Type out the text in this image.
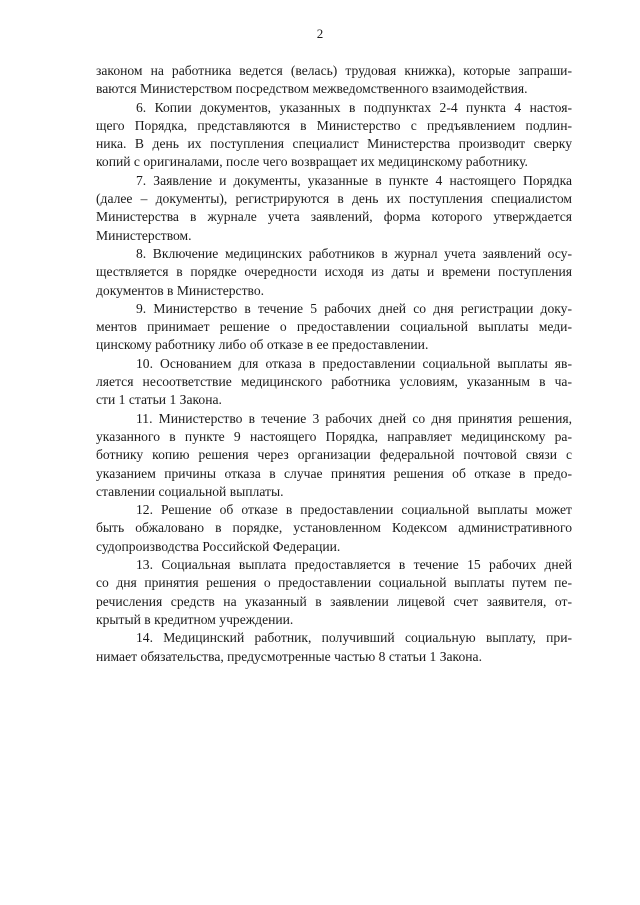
2

законом на работника ведется (велась) трудовая книжка), которые запраши-
ваются Министерством посредством межведомственного взаимодействия.

6. Копии документов, указанных в подпунктах 2-4 пункта 4 настоя-
щего Порядка, представляются в Министерство с предъявлением подлин-
ника. В день их поступления специалист Министерства производит сверку
копий с оригиналами, после чего возвращает их медицинскому работнику.

7. Заявление и документы, указанные в пункте 4 настоящего Порядка
(далее – документы), регистрируются в день их поступления специалистом
Министерства в журнале учета заявлений, форма которого утверждается
Министерством.

8. Включение медицинских работников в журнал учета заявлений осу-
ществляется в порядке очередности исходя из даты и времени поступления
документов в Министерство.

9. Министерство в течение 5 рабочих дней со дня регистрации доку-
ментов принимает решение о предоставлении социальной выплаты меди-
цинскому работнику либо об отказе в ее предоставлении.

10. Основанием для отказа в предоставлении социальной выплаты яв-
ляется несоответствие медицинского работника условиям, указанным в ча-
сти 1 статьи 1 Закона.

11. Министерство в течение 3 рабочих дней со дня принятия решения,
указанного в пункте 9 настоящего Порядка, направляет медицинскому ра-
ботнику копию решения через организации федеральной почтовой связи с
указанием причины отказа в случае принятия решения об отказе в предо-
ставлении социальной выплаты.

12. Решение об отказе в предоставлении социальной выплаты может
быть обжаловано в порядке, установленном Кодексом административного
судопроизводства Российской Федерации.

13. Социальная выплата предоставляется в течение 15 рабочих дней
со дня принятия решения о предоставлении социальной выплаты путем пе-
речисления средств на указанный в заявлении лицевой счет заявителя, от-
крытый в кредитном учреждении.

14. Медицинский работник, получивший социальную выплату, при-
нимает обязательства, предусмотренные частью 8 статьи 1 Закона.
